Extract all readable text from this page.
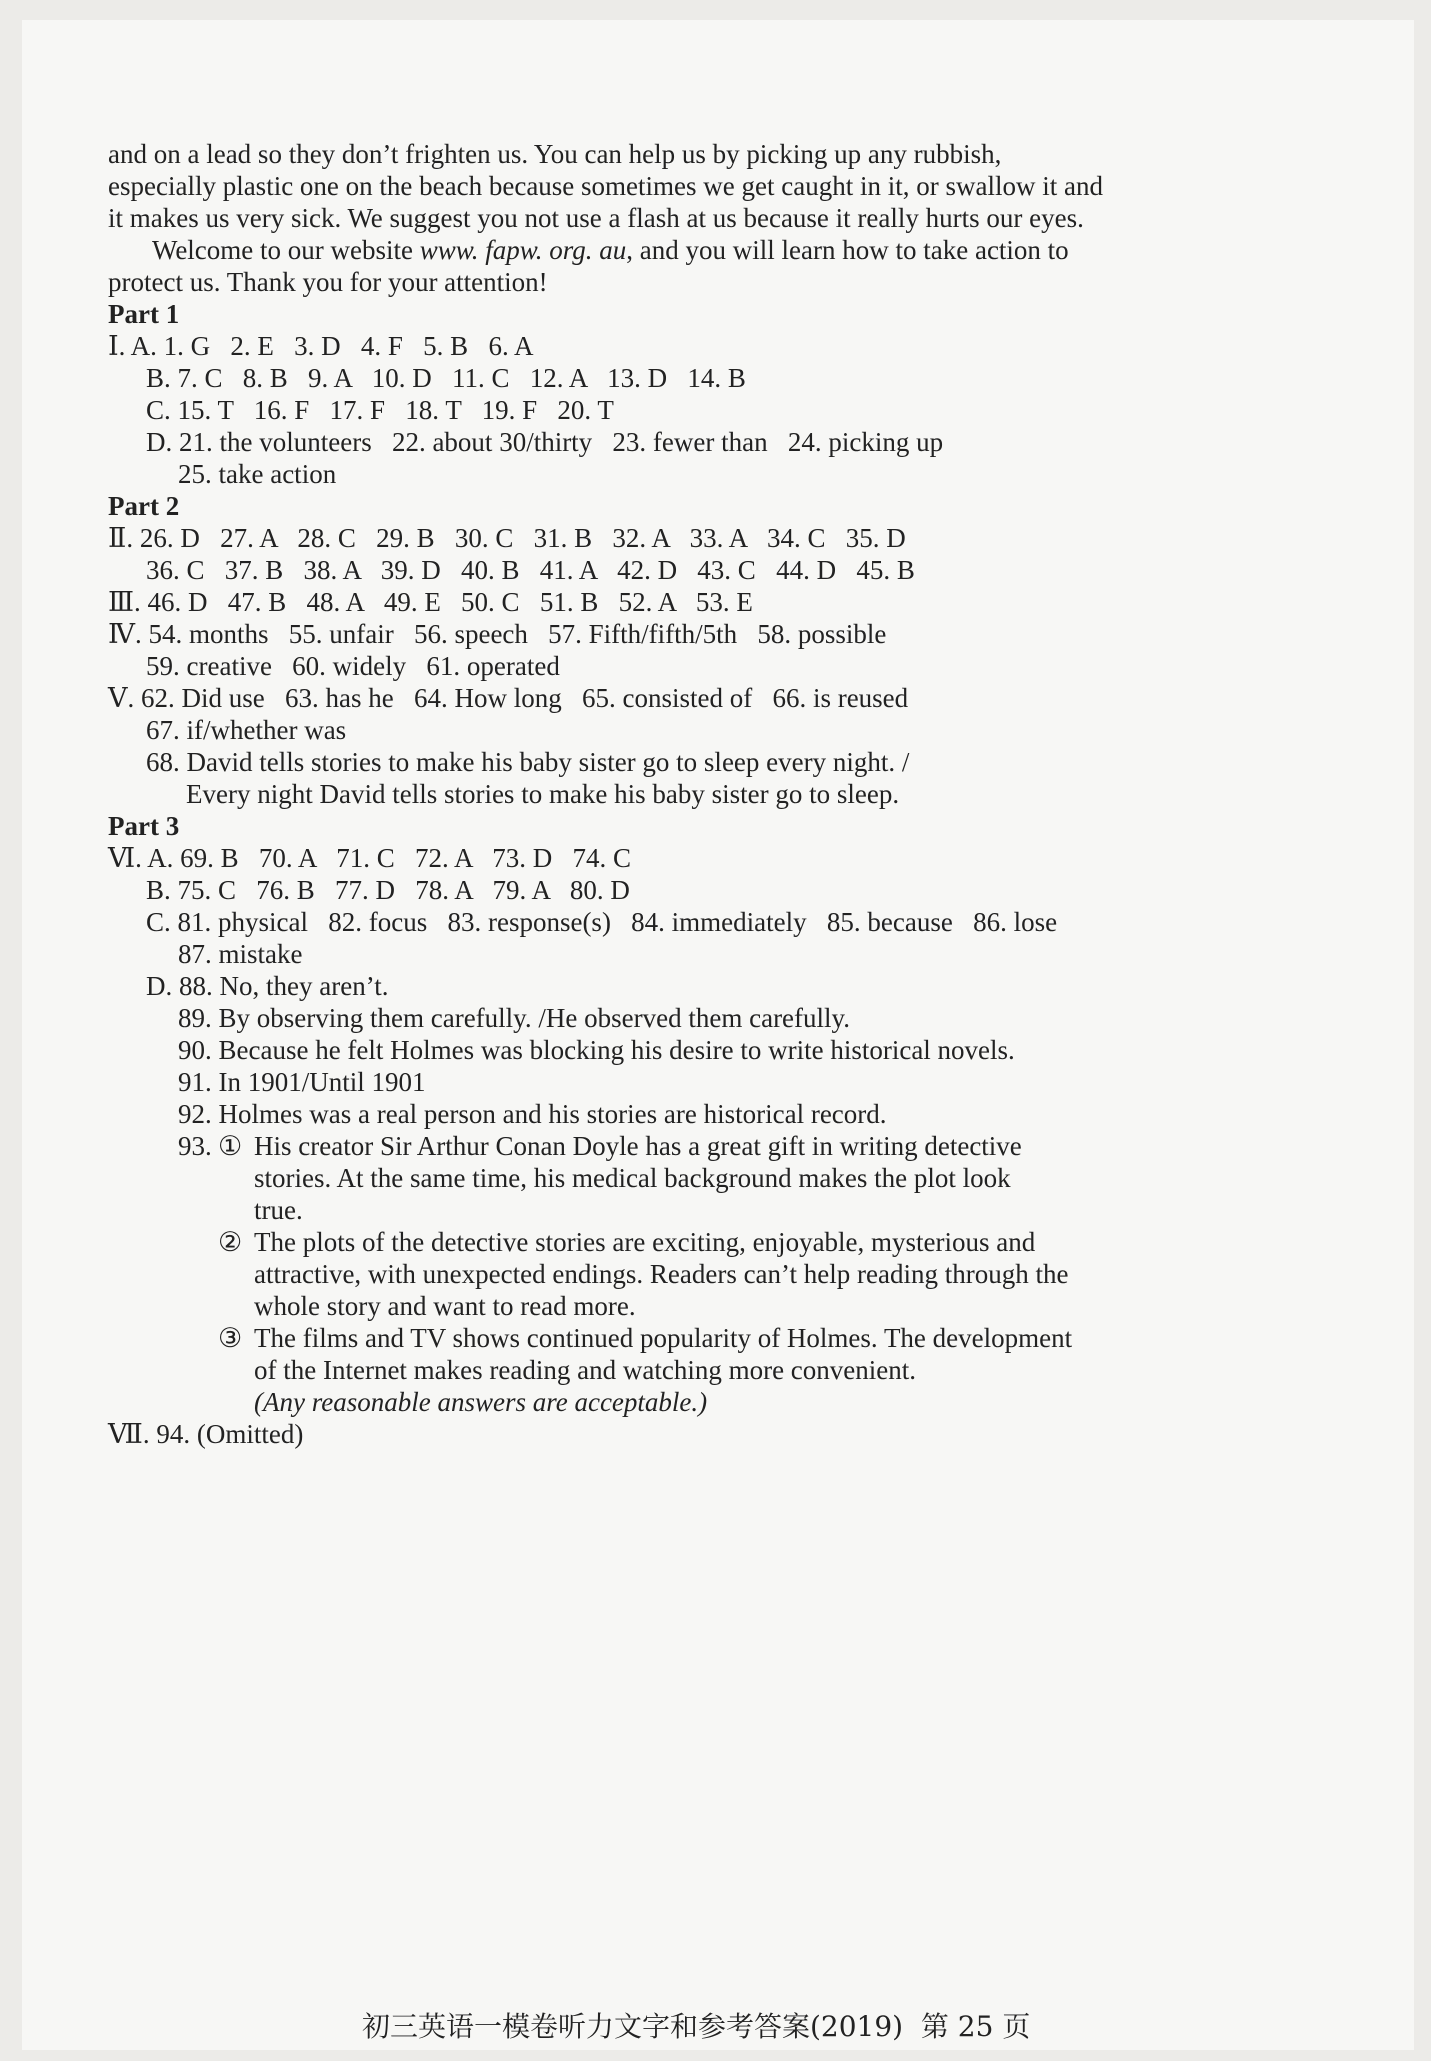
and on a lead so they don’t frighten us. You can help us by picking up any rubbish,
especially plastic one on the beach because sometimes we get caught in it, or swallow it and
it makes us very sick. We suggest you not use a flash at us because it really hurts our eyes.
Welcome to our website www. fapw. org. au, and you will learn how to take action to
protect us. Thank you for your attention!
Part 1
Ⅰ. A. 1. G   2. E   3. D   4. F   5. B   6. A
B. 7. C   8. B   9. A   10. D   11. C   12. A   13. D   14. B
C. 15. T   16. F   17. F   18. T   19. F   20. T
D. 21. the volunteers   22. about 30/thirty   23. fewer than   24. picking up
25. take action
Part 2
Ⅱ. 26. D   27. A   28. C   29. B   30. C   31. B   32. A   33. A   34. C   35. D
36. C   37. B   38. A   39. D   40. B   41. A   42. D   43. C   44. D   45. B
Ⅲ. 46. D   47. B   48. A   49. E   50. C   51. B   52. A   53. E
Ⅳ. 54. months   55. unfair   56. speech   57. Fifth/fifth/5th   58. possible
59. creative   60. widely   61. operated
Ⅴ. 62. Did use   63. has he   64. How long   65. consisted of   66. is reused
67. if/whether was
68. David tells stories to make his baby sister go to sleep every night. /
Every night David tells stories to make his baby sister go to sleep.
Part 3
Ⅵ. A. 69. B   70. A   71. C   72. A   73. D   74. C
B. 75. C   76. B   77. D   78. A   79. A   80. D
C. 81. physical   82. focus   83. response(s)   84. immediately   85. because   86. lose
87. mistake
D. 88. No, they aren’t.
89. By observing them carefully. /He observed them carefully.
90. Because he felt Holmes was blocking his desire to write historical novels.
91. In 1901/Until 1901
92. Holmes was a real person and his stories are historical record.
93. ① His creator Sir Arthur Conan Doyle has a great gift in writing detective
stories. At the same time, his medical background makes the plot look
true.
② The plots of the detective stories are exciting, enjoyable, mysterious and
attractive, with unexpected endings. Readers can’t help reading through the
whole story and want to read more.
③ The films and TV shows continued popularity of Holmes. The development
of the Internet makes reading and watching more convenient.
(Any reasonable answers are acceptable.)
Ⅶ. 94. (Omitted)
初三英语一模卷听力文字和参考答案(2019)  第 25 页
